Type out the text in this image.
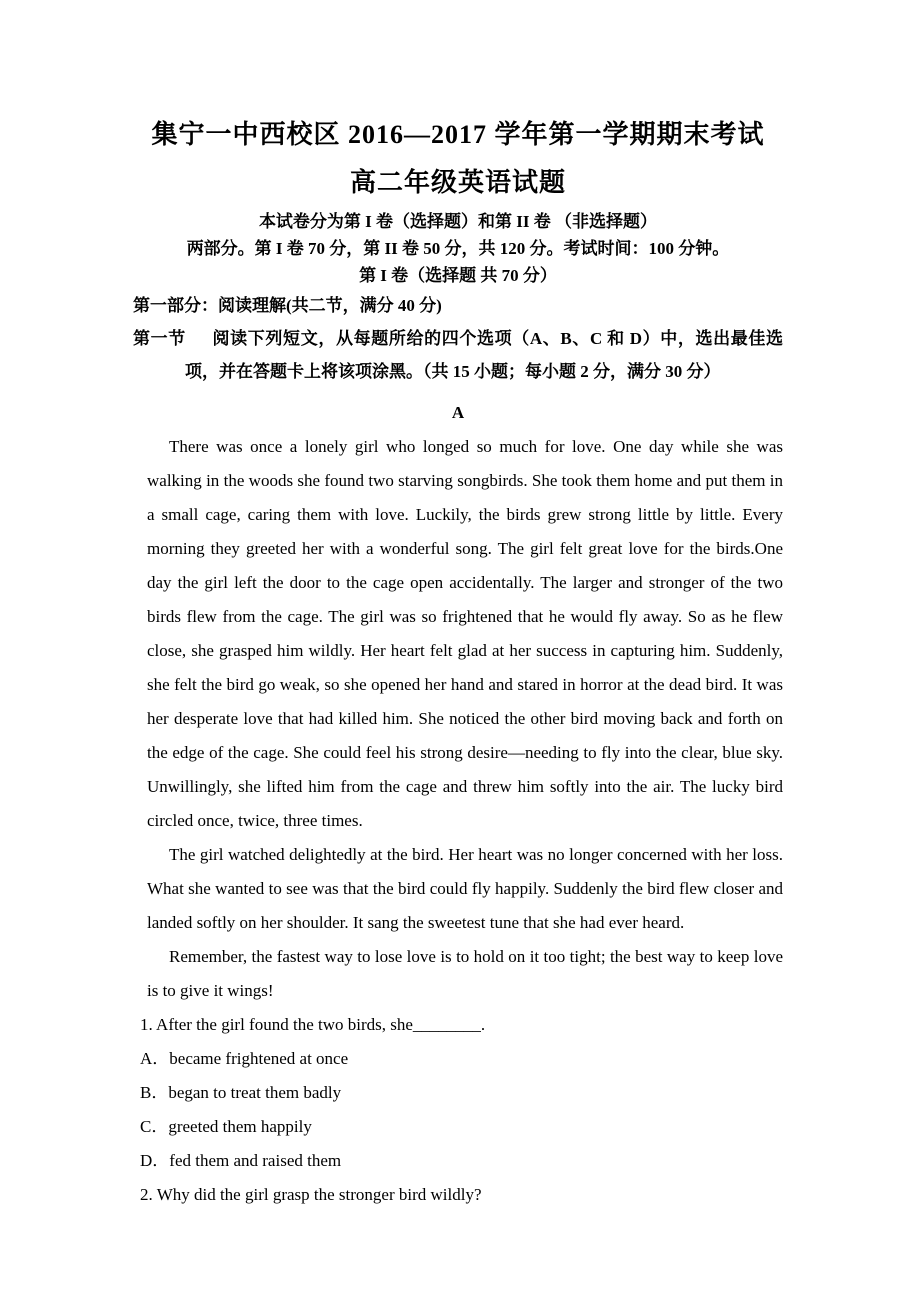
集宁一中西校区 2016—2017 学年第一学期期末考试
高二年级英语试题
本试卷分为第 I 卷（选择题）和第 II 卷 （非选择题）
两部分。第 I 卷 70 分，第 II 卷 50 分，共 120 分。考试时间：100 分钟。
第 I 卷（选择题 共 70 分）
第一部分：阅读理解(共二节，满分 40 分)
第一节 阅读下列短文，从每题所给的四个选项（A、B、C 和 D）中，选出最佳选项，并在答题卡上将该项涂黑。（共 15 小题；每小题 2 分，满分 30 分）
A

There was once a lonely girl who longed so much for love. One day while she was walking in the woods she found two starving songbirds. She took them home and put them in a small cage, caring them with love. Luckily, the birds grew strong little by little. Every morning they greeted her with a wonderful song. The girl felt great love for the birds.One day the girl left the door to the cage open accidentally. The larger and stronger of the two birds flew from the cage. The girl was so frightened that he would fly away. So as he flew close, she grasped him wildly. Her heart felt glad at her success in capturing him. Suddenly, she felt the bird go weak, so she opened her hand and stared in horror at the dead bird. It was her desperate love that had killed him. She noticed the other bird moving back and forth on the edge of the cage. She could feel his strong desire—needing to fly into the clear, blue sky. Unwillingly, she lifted him from the cage and threw him softly into the air. The lucky bird circled once, twice, three times.

The girl watched delightedly at the bird. Her heart was no longer concerned with her loss. What she wanted to see was that the bird could fly happily. Suddenly the bird flew closer and landed softly on her shoulder. It sang the sweetest tune that she had ever heard.

Remember, the fastest way to lose love is to hold on it too tight; the best way to keep love is to give it wings!

1. After the girl found the two birds, she________.
A．became frightened at once
B．began to treat them badly
C．greeted them happily
D．fed them and raised them
2. Why did the girl grasp the stronger bird wildly?
